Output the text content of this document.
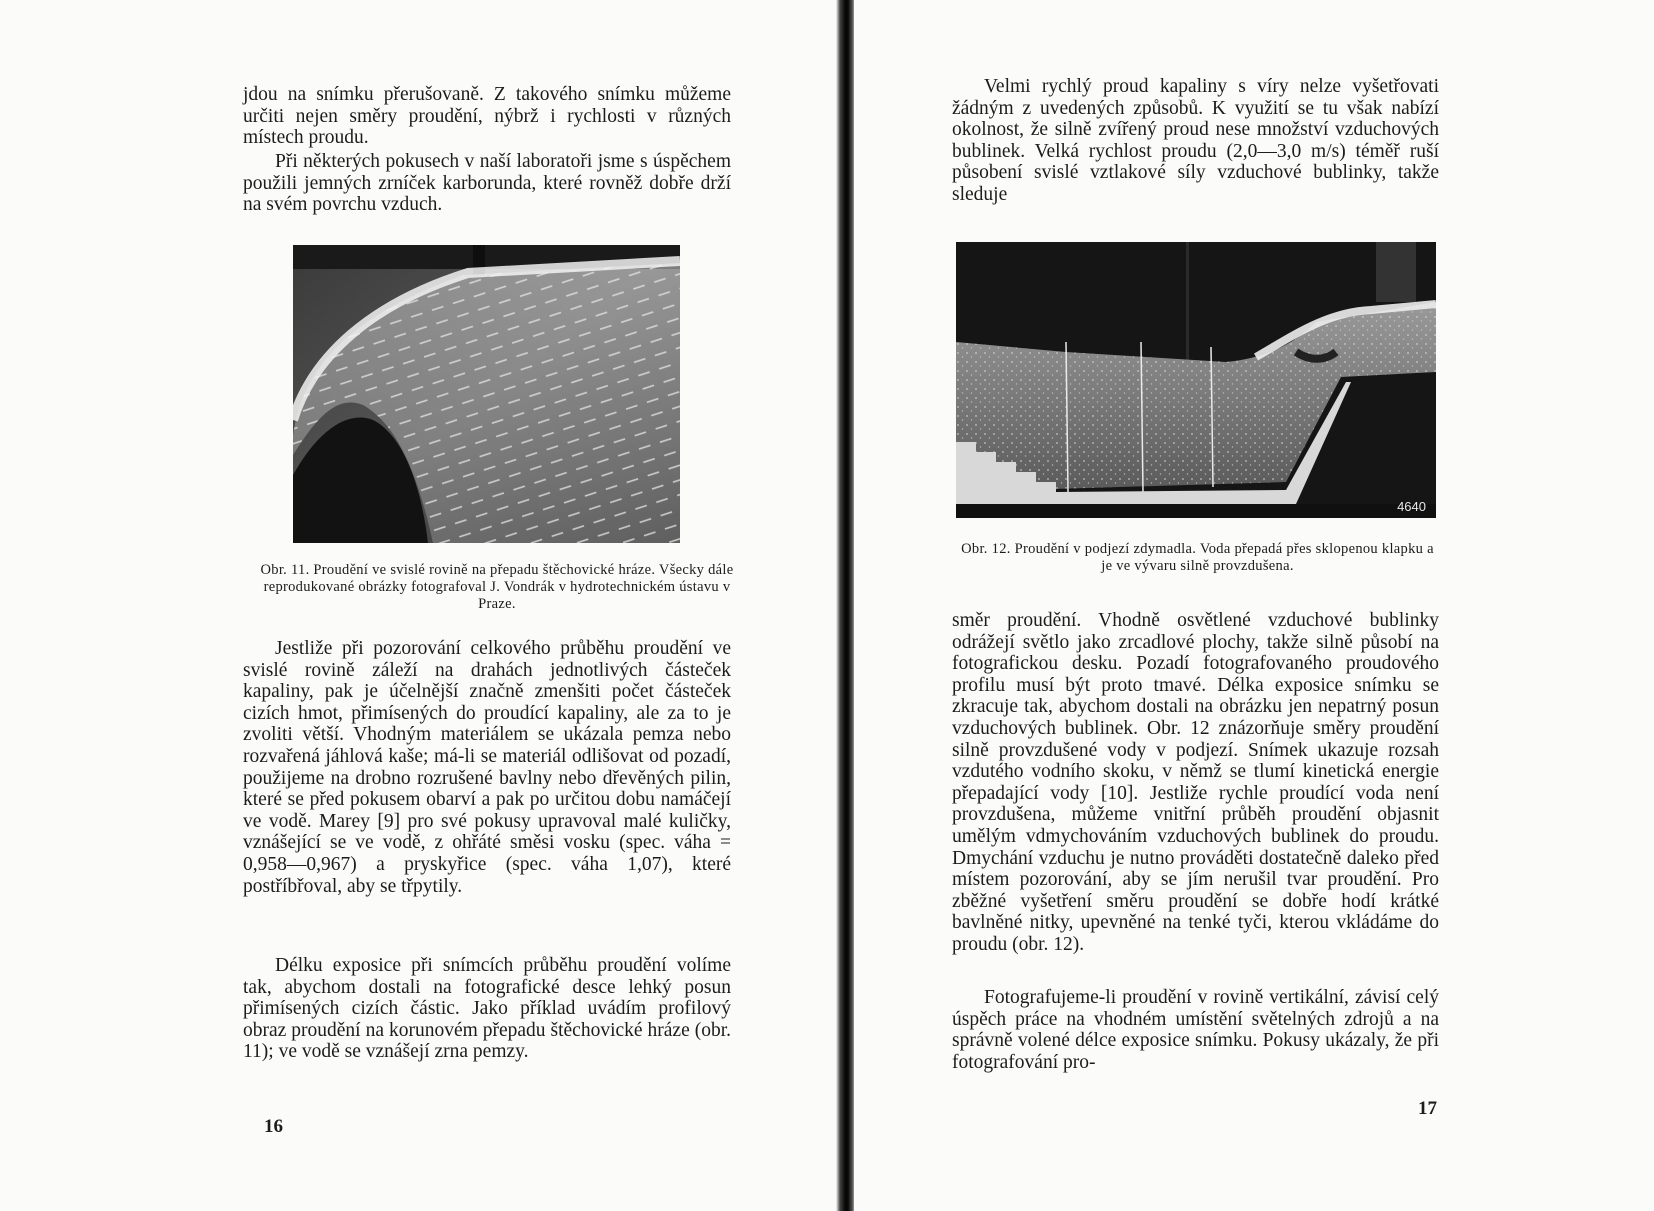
jdou na snímku přerušovaně. Z takového snímku můžeme určiti nejen směry proudění, nýbrž i rychlosti v různých místech proudu.

Při některých pokusech v naší laboratoři jsme s úspěchem použili jemných zrníček karborunda, které rovněž dobře drží na svém povrchu vzduch.

Obr. 11. Proudění ve svislé rovině na přepadu štěchovické hráze. Všecky dále reprodukované obrázky fotografoval J. Vondrák v hydrotechnickém ústavu v Praze.

Jestliže při pozorování celkového průběhu proudění ve svislé rovině záleží na drahách jednotlivých částeček kapaliny, pak je účelnější značně zmenšiti počet částeček cizích hmot, přimísených do proudící kapaliny, ale za to je zvoliti větší. Vhodným materiálem se ukázala pemza nebo rozvařená jáhlová kaše; má-li se materiál odlišovat od pozadí, použijeme na drobno rozrušené bavlny nebo dřevěných pilin, které se před pokusem obarví a pak po určitou dobu namáčejí ve vodě. Marey [9] pro své pokusy upravoval malé kuličky, vznášející se ve vodě, z ohřáté směsi vosku (spec. váha = 0,958—0,967) a pryskyřice (spec. váha 1,07), které postříbřoval, aby se třpytily.

Délku exposice při snímcích průběhu proudění volíme tak, abychom dostali na fotografické desce lehký posun přimísených cizích částic. Jako příklad uvádím profilový obraz proudění na korunovém přepadu štěchovické hráze (obr. 11); ve vodě se vznášejí zrna pemzy.

16

Velmi rychlý proud kapaliny s víry nelze vyšetřovati žádným z uvedených způsobů. K využití se tu však nabízí okolnost, že silně zvířený proud nese množství vzduchových bublinek. Velká rychlost proudu (2,0—3,0 m/s) téměř ruší působení svislé vztlakové síly vzduchové bublinky, takže sleduje

4640

Obr. 12. Proudění v podjezí zdymadla. Voda přepadá přes sklopenou klapku a je ve vývaru silně provzdušena.

směr proudění. Vhodně osvětlené vzduchové bublinky odrážejí světlo jako zrcadlové plochy, takže silně působí na fotografickou desku. Pozadí fotografovaného proudového profilu musí být proto tmavé. Délka exposice snímku se zkracuje tak, abychom dostali na obrázku jen nepatrný posun vzduchových bublinek. Obr. 12 znázorňuje směry proudění silně provzdušené vody v podjezí. Snímek ukazuje rozsah vzdutého vodního skoku, v němž se tlumí kinetická energie přepadající vody [10]. Jestliže rychle proudící voda není provzdušena, můžeme vnitřní průběh proudění objasnit umělým vdmychováním vzduchových bublinek do proudu. Dmychání vzduchu je nutno prováděti dostatečně daleko před místem pozorování, aby se jím nerušil tvar proudění. Pro zběžné vyšetření směru proudění se dobře hodí krátké bavlněné nitky, upevněné na tenké tyči, kterou vkládáme do proudu (obr. 12).

Fotografujeme-li proudění v rovině vertikální, závisí celý úspěch práce na vhodném umístění světelných zdrojů a na správně volené délce exposice snímku. Pokusy ukázaly, že při fotografování pro-

17
